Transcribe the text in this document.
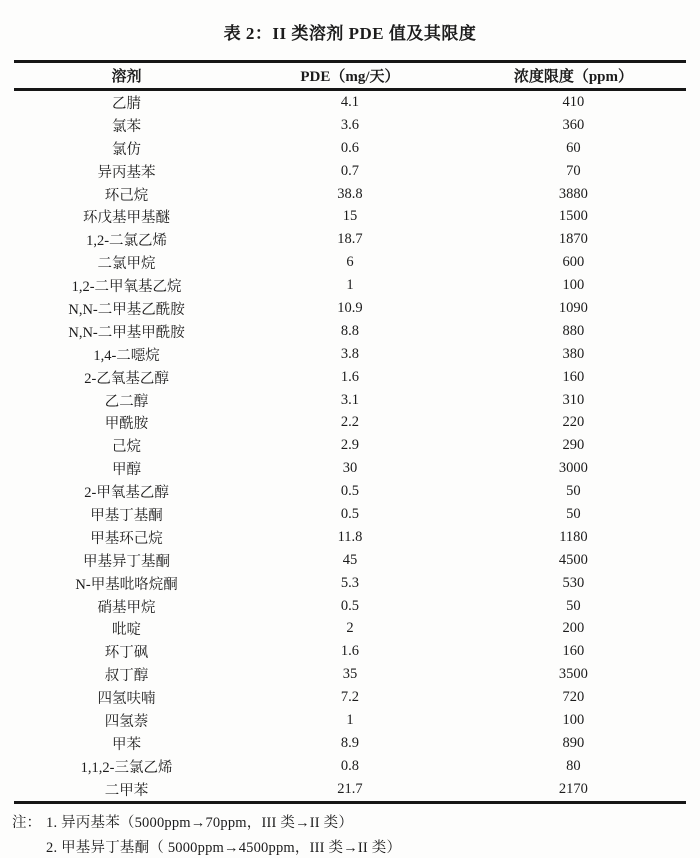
表 2：II 类溶剂 PDE 值及其限度
溶剂	PDE（mg/天）	浓度限度（ppm）
乙腈	4.1	410
氯苯	3.6	360
氯仿	0.6	60
异丙基苯	0.7	70
环己烷	38.8	3880
环戊基甲基醚	15	1500
1,2-二氯乙烯	18.7	1870
二氯甲烷	6	600
1,2-二甲氧基乙烷	1	100
N,N-二甲基乙酰胺	10.9	1090
N,N-二甲基甲酰胺	8.8	880
1,4-二噁烷	3.8	380
2-乙氧基乙醇	1.6	160
乙二醇	3.1	310
甲酰胺	2.2	220
己烷	2.9	290
甲醇	30	3000
2-甲氧基乙醇	0.5	50
甲基丁基酮	0.5	50
甲基环己烷	11.8	1180
甲基异丁基酮	45	4500
N-甲基吡咯烷酮	5.3	530
硝基甲烷	0.5	50
吡啶	2	200
环丁砜	1.6	160
叔丁醇	35	3500
四氢呋喃	7.2	720
四氢萘	1	100
甲苯	8.9	890
1,1,2-三氯乙烯	0.8	80
二甲苯	21.7	2170
注： 1. 异丙基苯（5000ppm→70ppm，III 类→II 类）
2. 甲基异丁基酮（ 5000ppm→4500ppm，III 类→II 类）
